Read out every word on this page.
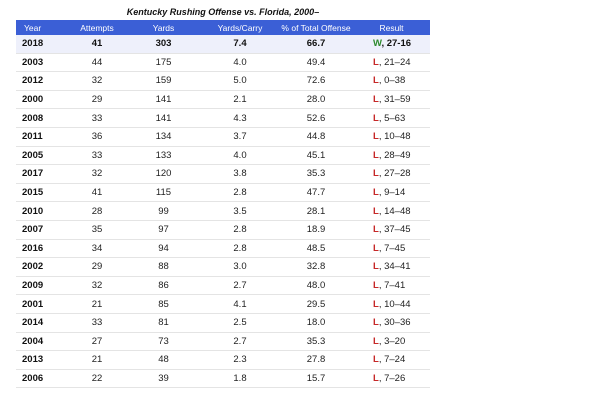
Kentucky Rushing Offense vs. Florida, 2000–
Year	Attempts	Yards	Yards/Carry	% of Total Offense	Result
2018	41	303	7.4	66.7	W, 27-16
2003	44	175	4.0	49.4	L, 21–24
2012	32	159	5.0	72.6	L, 0–38
2000	29	141	2.1	28.0	L, 31–59
2008	33	141	4.3	52.6	L, 5–63
2011	36	134	3.7	44.8	L, 10–48
2005	33	133	4.0	45.1	L, 28–49
2017	32	120	3.8	35.3	L, 27–28
2015	41	115	2.8	47.7	L, 9–14
2010	28	99	3.5	28.1	L, 14–48
2007	35	97	2.8	18.9	L, 37–45
2016	34	94	2.8	48.5	L, 7–45
2002	29	88	3.0	32.8	L, 34–41
2009	32	86	2.7	48.0	L, 7–41
2001	21	85	4.1	29.5	L, 10–44
2014	33	81	2.5	18.0	L, 30–36
2004	27	73	2.7	35.3	L, 3–20
2013	21	48	2.3	27.8	L, 7–24
2006	22	39	1.8	15.7	L, 7–26
